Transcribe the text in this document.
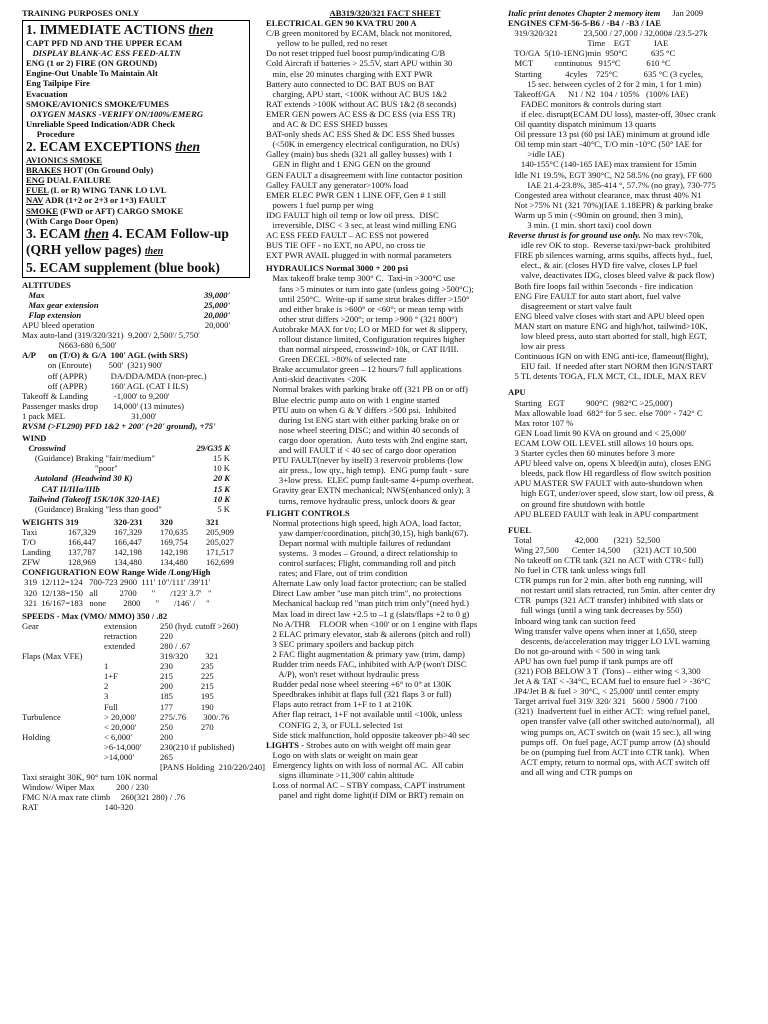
TRAINING PURPOSES ONLY
1. IMMEDIATE ACTIONS then
CAPT PFD ND AND THE UPPER ECAM
DISPLAY BLANK-AC ESS FEED-ALTN
ENG (1 or 2) FIRE (ON GROUND)
Engine-Out Unable To Maintain Alt
Eng Tailpipe Fire
Evacuation
SMOKE/AVIONICS SMOKE/FUMES
OXYGEN MASKS -VERIFY ON/100%/EMERG
Unreliable Speed Indication/ADR Check
Procedure
2. ECAM EXCEPTIONS then
AVIONICS SMOKE
BRAKES HOT (On Ground Only)
ENG DUAL FAILURE
FUEL (L or R) WING TANK LO LVL
NAV ADR (1+2 or 2+3 or 1+3) FAULT
SMOKE (FWD or AFT) CARGO SMOKE
(With Cargo Door Open)
3. ECAM then 4. ECAM Follow-up
(QRH yellow pages) then
5. ECAM supplement (blue book)
ALTITUDES
Max	39,000'
Max gear extension	25,000'
Flap extension	20,000'
APU bleed operation	20,000'
Max auto-land (319/320/321)  9,200'/ 2,500'/ 5,750'
N663-680 6,500'
A/P      on (T/O) & G/A  100' AGL (with SRS)
on (Enroute)        500'  (321) 900'
off (APPR)           DA/DDA/MDA (non-prec.)
off (APPR)           160' AGL (CAT I ILS)
Takeoff & Landing            -1,000' to 9,200'
Passenger masks drop       14,000' (13 minutes)
1 pack MEL                               31,000'
RVSM (>FL290) PFD 1&2 + 200' (+20' ground), +75'
WIND
Crosswind	29/G35 K
(Guidance) Braking "fair/medium"	15 K
"poor"	10 K
Autoland  (Headwind 30 K)	20 K
CAT II/IIIa/IIIb	15 K
Tailwind (Takeoff 15K/10K 320-IAE)	10 K
(Guidance) Braking "less than good"	5 K
WEIGHTS 319	320-231	320	321
Taxi	167,329	167,329	170,635	205,909
T/O	166,447	166,447	169,754	205,027
Landing	137,787	142,198	142,198	171,517
ZFW	128,969	134,480	134,480	162,699
CONFIGURATION EOW Range Wide /Long/High
319  12/112=124   700-723 2900  111' 10"/111' /39'11'
320  12/138=150   all          2700       "       /123' 3.7'   "
321  16/167=183   none        2800       "       /146' /     "
SPEEDS - Max (VMO/ MMO) 350 / .82
Gear	extension	250 (hyd. cutoff >260)
retraction	220
extended	280 / .67
Flaps (Max VFE)	319/320        321
1	230             235
1+F	215             225
2	200             215
3	185             195
Full	177             190
Turbulence	> 20,000'	275/.76        300/.76
< 20,000'	250             270
Holding	< 6,000'	200
>6-14,000'	230(210 if published)
>14,000'	265
[PANS Holding  210/220/240]
Taxi straight 30K, 90° turn 10K normal
Window/ Wiper Max          200 / 230
FMC N/A max rate climb     260(321 280) / .76
RAT                               140-320
AB319/320/321 FACT SHEET
ELECTRICAL GEN 90 KVA TRU 200 A
C/B green monitored by ECAM, black not monitored,
yellow to be pulled, red no reset
Do not reset tripped fuel boost pump/indicating C/B
Cold Aircraft if batteries > 25.5V, start APU within 30
min, else 20 minutes charging with EXT PWR
Battery auto connected to DC BAT BUS on BAT
charging, APU start, <100K without AC BUS 1&2
RAT extends >100K without AC BUS 1&2 (8 seconds)
EMER GEN powers AC ESS & DC ESS (via ESS TR)
and AC & DC ESS SHED busses
BAT-only sheds AC ESS Shed & DC ESS Shed busses
(<50K in emergency electrical configuration, no DUs)
Galley (main) bus sheds (321 all galley busses) with 1
GEN in flight and 1 ENG GEN on the ground
GEN FAULT a disagreement with line contactor position
Galley FAULT any generator>100% load
EMER ELEC PWR GEN 1 LINE OFF, Gen # 1 still
powers 1 fuel pump per wing
IDG FAULT high oil temp or low oil press.  DISC
irreversible, DISC < 3 sec, at least wind milling ENG
AC ESS FEED FAULT – AC ESS not powered
BUS TIE OFF - no EXT, no APU, no cross tie
EXT PWR AVAIL plugged in with normal parameters
HYDRAULICS Normal 3000 + 200 psi
Max takeoff brake temp 300° C.  Taxi-in >300°C use
fans >5 minutes or turn into gate (unless going >500°C);
until 250°C.  Write-up if same strut brakes differ >150°
and either brake is >600° or <60°; or mean temp with
other strut differs >200°; or temp >900 ° (321 800°)
Autobrake MAX for t/o; LO or MED for wet & slippery,
rollout distance limited, Configuration requires higher
than normal airspeed, crosswind>10k, or CAT II/III.
Green DECEL >80% of selected rate
Brake accumulator green – 12 hours/7 full applications
Anti-skid deactivates <20K
Normal brakes with parking brake off (321 PB on or off)
Blue electric pump auto on with 1 engine started
PTU auto on when G & Y differs >500 psi.  Inhibited
during 1st ENG start with either parking brake on or
nose wheel steering DISC; and within 40 seconds of
cargo door operation.  Auto tests with 2nd engine start,
and will FAULT if < 40 sec of cargo door operation
PTU FAULT(never by itself) 3 reservoir problems (low
air press., low qty., high temp).  ENG pump fault - sure
3+low press.  ELEC pump fault-same 4+pump overheat.
Gravity gear EXTN mechanical; NWS(enhanced only); 3
turns, remove hydraulic press, unlock doors & gear
FLIGHT CONTROLS
Normal protections high speed, high AOA, load factor,
yaw damper/coordination, pitch(30,15), high bank(67).
Depart normal with multiple failures of redundant
systems.  3 modes – Ground, a direct relationship to
control surfaces; Flight, commanding roll and pitch
rates; and Flare, out of trim condition
Alternate Law only load factor protection; can be stalled
Direct Law amber "use man pitch trim", no protections
Mechanical backup red "man pitch trim only"(need hyd.)
Max load in direct law +2.5 to –1 g (slats/flaps +2 to 0 g)
No A/THR    FLOOR when <100' or on 1 engine with flaps
2 ELAC primary elevator, stab & ailerons (pitch and roll)
3 SEC primary spoilers and backup pitch
2 FAC flight augmentation & primary yaw (trim, damp)
Rudder trim needs FAC, inhibited with A/P (won't DISC
A/P), won't reset without hydraulic press
Rudder pedal nose wheel steering +6° to 0° at 130K
Speedbrakes inhibit at flaps full (321 flaps 3 or full)
Flaps auto retract from 1+F to 1 at 210K
After flap retract, 1+F not available until <100k, unless
CONFIG 2, 3, or FULL selected 1st
Side stick malfunction, hold opposite takeover pb>40 sec
LIGHTS - Strobes auto on with weight off main gear
Logo on with slats or weight on main gear
Emergency lights on with loss of normal AC.  All cabin
signs illuminate >11,300' cabin altitude
Loss of normal AC – STBY compass, CAPT instrument
panel and right dome light(if DIM or BRT) remain on
Italic print denotes Chapter 2 memory item Jan 2009
ENGINES CFM-56-5-B6 / -B4 / -B3 / IAE
319/320/321            23,500 / 27,000 / 32,000# /23.5-27k
Time    EGT           IAE
TO/GA  5(10-1ENG)min  950°C           635 °C
MCT          continuous   915°C            610 °C
Starting           4cyles    725°C            635 °C (3 cycles,
15 sec. between cycles of 2 for 2 min, 1 for 1 min)
Takeoff/GA      N1 / N2  104 / 105%   (100% IAE)
FADEC monitors & controls during start
if elec. disrupt(ECAM DU loss), master-off, 30sec crank
Oil quantity dispatch minimum 13 quarts
Oil pressure 13 psi (60 psi IAE) minimum at ground idle
Oil temp min start -40°C, T/O min -10°C (50° IAE for
>idle IAE)
140-155°C (140-165 IAE) max transient for 15min
Idle N1 19.5%, EGT 390°C, N2 58.5% (no gray), FF 600
IAE 21.4-23.8%, 385-414 °, 57.7% (no gray), 730-775
Congested area without clearance, max thrust 40% N1
Not >75% N1 (321 70%)(IAE 1.18EPR) & parking brake
Warm up 5 min (<90min on ground, then 3 min),
3 min. (1 min. short taxi) cool down
Reverse thrust is for ground use only. No max rev<70k,
idle rev OK to stop.  Reverse taxi/pwr-back  prohibited
FIRE pb silences warning, arms squibs, affects hyd., fuel,
elect., & air. (closes HYD fire valve, closes LP fuel
valve, deactivates IDG, closes bleed valve & pack flow)
Both fire loops fail within 5seconds - fire indication
ENG Fire FAULT for auto start abort, fuel valve
disagreement or start valve fault
ENG bleed valve closes with start and APU bleed open
MAN start on mature ENG and high/hot, tailwind>10K,
low bleed press, auto start aborted for stall, high EGT,
low air press
Continuous IGN on with ENG anti-ice, flameout(flight),
EIU fail.  If needed after start NORM then IGN/START
5 TL detents TOGA, FLX MCT, CL, IDLE, MAX REV
APU
Starting   EGT          900°C  (982°C >25,000')
Max allowable load  682° for 5 sec. else 700° - 742° C
Max rotor 107 %
GEN Load limit 90 KVA on ground and < 25,000'
ECAM LOW OIL LEVEL still allows 10 hours ops.
3 Starter cycles then 60 minutes before 3 more
APU bleed valve on, opens X bleed(in auto), closes ENG
bleeds, pack flow HI regardless of flow switch position
APU MASTER SW FAULT with auto-shutdown when
high EGT, under/over speed, slow start, low oil press, &
on ground fire shutdown with bottle
APU BLEED FAULT with leak in APU compartment
FUEL
Total                    42,000       (321)  52,500
Wing 27,500      Center 14,500      (321) ACT 10,500
No takeoff on CTR tank (321 no ACT with CTR< full)
No fuel in CTR tank unless wings full
CTR pumps run for 2 min. after both eng running, will
not restart until slats retracted, run 5min. after center dry
CTR  pumps (321 ACT transfer) inhibited with slats or
full wings (until a wing tank decreases by 550)
Inboard wing tank can suction feed
Wing transfer valve opens when inner at 1,650, steep
descents, de/acceleration may trigger LO LVL warning
Do not go-around with < 500 in wing tank
APU has own fuel pump if tank pumps are off
(321) FOB BELOW 3 T  (Tons) – either wing < 3,300
Jet A & TAT < -34°C, ECAM fuel to ensure fuel > -36°C
JP4/Jet B & fuel > 30°C, < 25,000' until center empty
Target arrival fuel 319/ 320/ 321   5600 / 5900 / 7100
(321)  Inadvertent fuel in either ACT:  wing refuel panel,
open transfer valve (all other switched auto/normal),  all
wing pumps on, ACT switch on (wait 15 sec.), all wing
pumps off.  On fuel page, ACT pump arrow (Δ) should
be on (pumping fuel from ACT into CTR tank).  When
ACT empty, return to normal ops, with ACT switch off
and all wing and CTR pumps on
